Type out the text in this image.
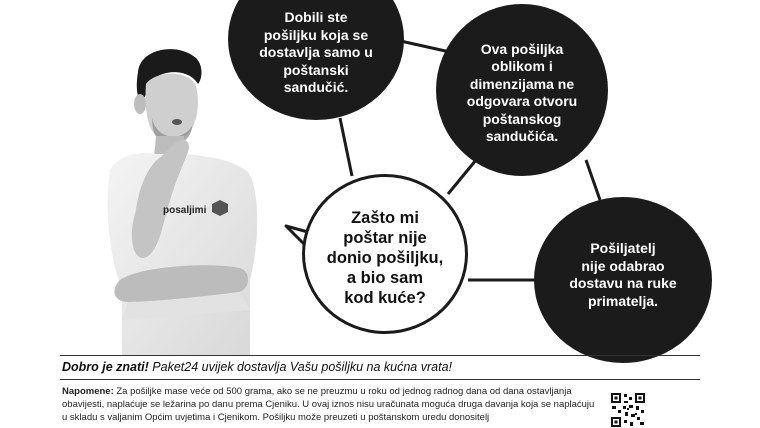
posaljimi
Dobili ste
pošiljku koja se
dostavlja samo u
poštanski
sandučić.
Ova pošiljka
oblikom i
dimenzijama ne
odgovara otvoru
poštanskog
sandučića.
Pošiljatelj
nije odabrao
dostavu na ruke
primatelja.
Zašto mi
poštar nije
donio pošiljku,
a bio sam
kod kuće?
Dobro je znati! Paket24 uvijek dostavlja Vašu pošiljku na kućna vrata!
Napomene: Za pošiljke mase veće od 500 grama, ako se ne preuzmu u roku od jednog radnog dana od dana ostavljanja obavijesti, naplaćuje se ležarina po danu prema Cjeniku. U ovaj iznos nisu uračunata moguća druga davanja koja se naplaćuju u skladu s valjanim Općim uvjetima i Cjenikom. Pošiljku može preuzeti u poštanskom uredu donositelj
